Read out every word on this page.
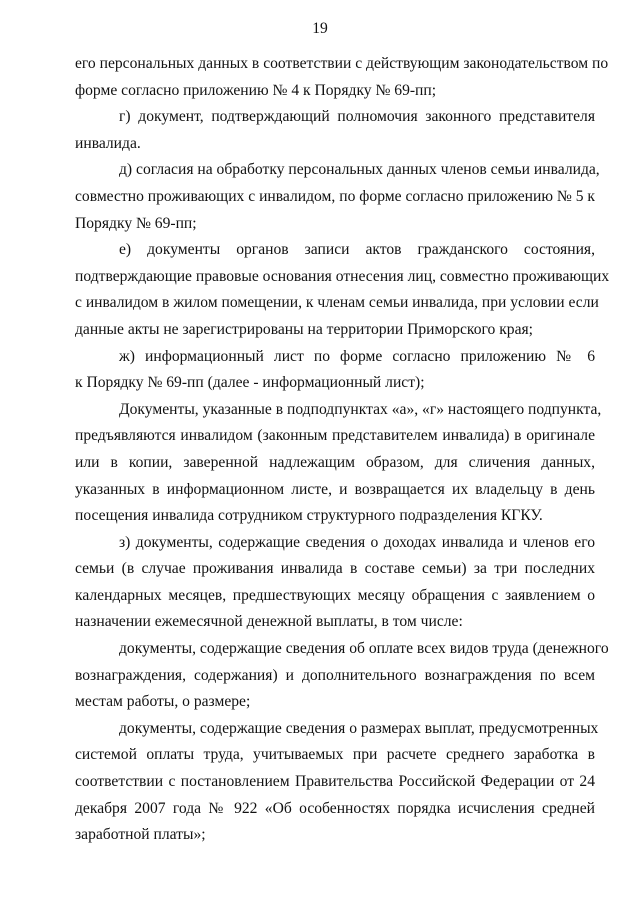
19
его персональных данных в соответствии с действующим законодательством по
форме согласно приложению № 4 к Порядку № 69-пп;
г) документ, подтверждающий полномочия законного представителя
инвалида.
д) согласия на обработку персональных данных членов семьи инвалида,
совместно проживающих с инвалидом, по форме согласно приложению № 5 к
Порядку № 69-пп;
е) документы органов записи актов гражданского состояния,
подтверждающие правовые основания отнесения лиц, совместно проживающих
с инвалидом в жилом помещении, к членам семьи инвалида, при условии если
данные акты не зарегистрированы на территории Приморского края;
ж) информационный лист по форме согласно приложению № 6
к Порядку № 69-пп (далее - информационный лист);
Документы, указанные в подподпунктах «а», «г» настоящего подпункта,
предъявляются инвалидом (законным представителем инвалида) в оригинале
или в копии, заверенной надлежащим образом, для сличения данных,
указанных в информационном листе, и возвращается их владельцу в день
посещения инвалида сотрудником структурного подразделения КГКУ.
з) документы, содержащие сведения о доходах инвалида и членов его
семьи (в случае проживания инвалида в составе семьи) за три последних
календарных месяцев, предшествующих месяцу обращения с заявлением о
назначении ежемесячной денежной выплаты, в том числе:
документы, содержащие сведения об оплате всех видов труда (денежного
вознаграждения, содержания) и дополнительного вознаграждения по всем
местам работы, о размере;
документы, содержащие сведения о размерах выплат, предусмотренных
системой оплаты труда, учитываемых при расчете среднего заработка в
соответствии с постановлением Правительства Российской Федерации от 24
декабря 2007 года № 922 «Об особенностях порядка исчисления средней
заработной платы»;
